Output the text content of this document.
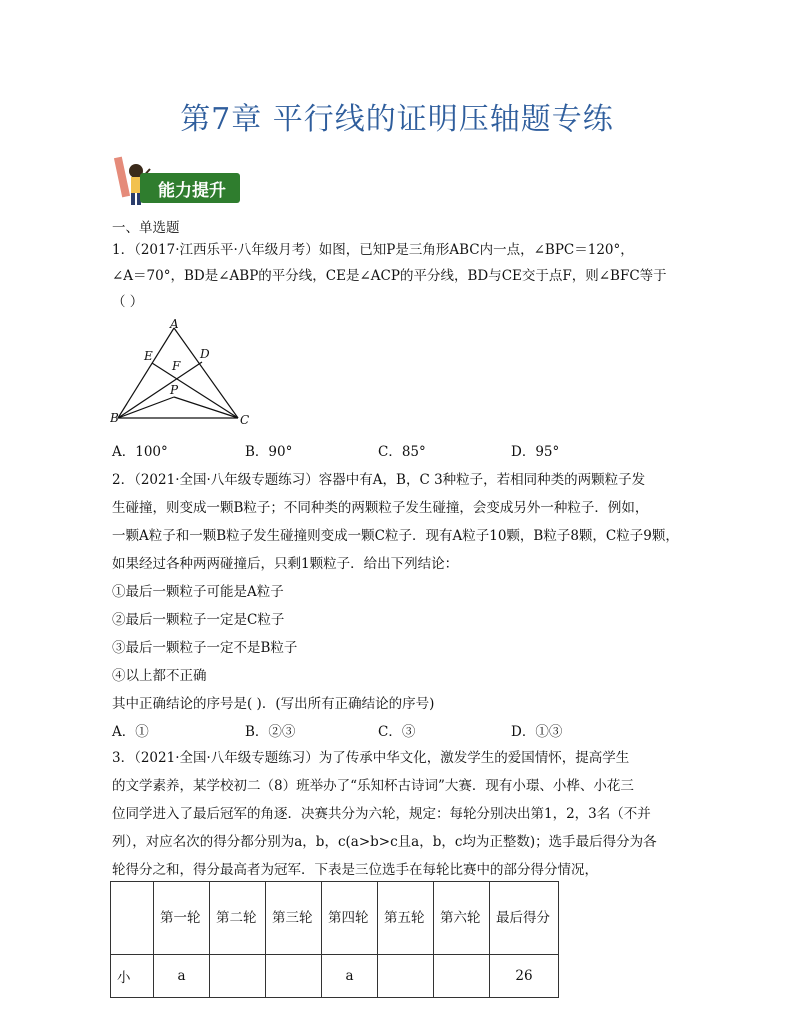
第7章 平行线的证明压轴题专练
能力提升
一、单选题
1．（2017·江西乐平·八年级月考）如图，已知P是三角形ABC内一点，∠BPC＝120°，
∠A＝70°，BD是∠ABP的平分线，CE是∠ACP的平分线，BD与CE交于点F，则∠BFC等于
（ ）
A
B	C
D
E
F
P
A．100°	B．90°	C．85°	D．95°
2．（2021·全国·八年级专题练习）容器中有A，B，C 3种粒子，若相同种类的两颗粒子发
生碰撞，则变成一颗B粒子；不同种类的两颗粒子发生碰撞，会变成另外一种粒子．例如，
一颗A粒子和一颗B粒子发生碰撞则变成一颗C粒子．现有A粒子10颗，B粒子8颗，C粒子9颗，
如果经过各种两两碰撞后，只剩1颗粒子．给出下列结论：
①最后一颗粒子可能是A粒子
②最后一颗粒子一定是C粒子
③最后一颗粒子一定不是B粒子
④以上都不正确
其中正确结论的序号是( )．(写出所有正确结论的序号)
A．①	B．②③	C．③	D．①③
3．（2021·全国·八年级专题练习）为了传承中华文化，激发学生的爱国情怀，提高学生
的文学素养，某学校初二（8）班举办了“乐知杯古诗词”大赛．现有小璟、小桦、小花三
位同学进入了最后冠军的角逐．决赛共分为六轮，规定：每轮分别决出第1，2，3名（不并
列），对应名次的得分都分别为a，b，c(a>b>c且a，b，c均为正整数)；选手最后得分为各
轮得分之和，得分最高者为冠军．下表是三位选手在每轮比赛中的部分得分情况，
	第一轮	第二轮	第三轮	第四轮	第五轮	第六轮	最后得分
小	a			a			26
